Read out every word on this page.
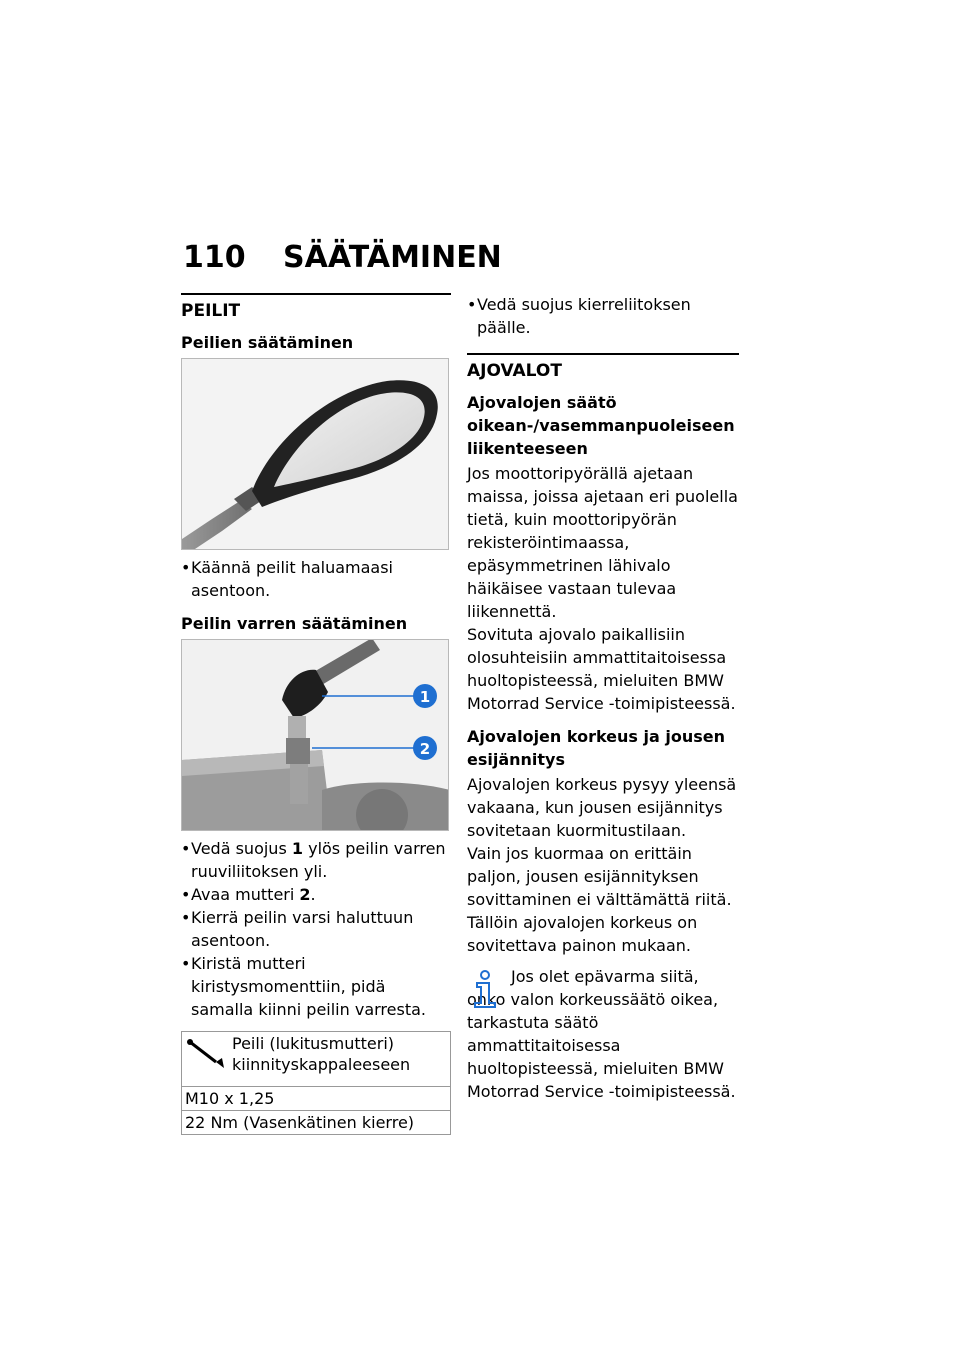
110 SÄÄTÄMINEN
PEILIT
Peilien säätäminen
• Käännä peilit haluamaasi asentoon.
Peilin varren säätäminen
1
2
• Vedä suojus 1 ylös peilin varren ruuviliitoksen yli.
• Avaa mutteri 2.
• Kierrä peilin varsi haluttuun asentoon.
• Kiristä mutteri kiristysmomenttiin, pidä samalla kiinni peilin varresta.
Peili (lukitusmutteri) kiinnityskappaleeseen
M10 x 1,25
22 Nm (Vasenkätinen kierre)
• Vedä suojus kierreliitoksen päälle.
AJOVALOT
Ajovalojen säätö oikean-/vasemmanpuoleiseen liikenteeseen

Jos moottoripyörällä ajetaan maissa, joissa ajetaan eri puolella tietä, kuin moottoripyörän rekisteröintimaassa, epäsymmetrinen lähivalo häikäisee vastaan tulevaa liikennettä.

Sovituta ajovalo paikallisiin olosuhteisiin ammattitaitoisessa huoltopisteessä, mieluiten BMW Motorrad Service -toimipisteessä.

Ajovalojen korkeus ja jousen esijännitys

Ajovalojen korkeus pysyy yleensä vakaana, kun jousen esijännitys sovitetaan kuormitustilaan.

Vain jos kuormaa on erittäin paljon, jousen esijännityksen sovittaminen ei välttämättä riitä. Tällöin ajovalojen korkeus on sovitettava painon mukaan.

Jos olet epävarma siitä, onko valon korkeussäätö oikea, tarkastuta säätö ammattitaitoisessa huoltopisteessä, mieluiten BMW Motorrad Service -toimipisteessä.
